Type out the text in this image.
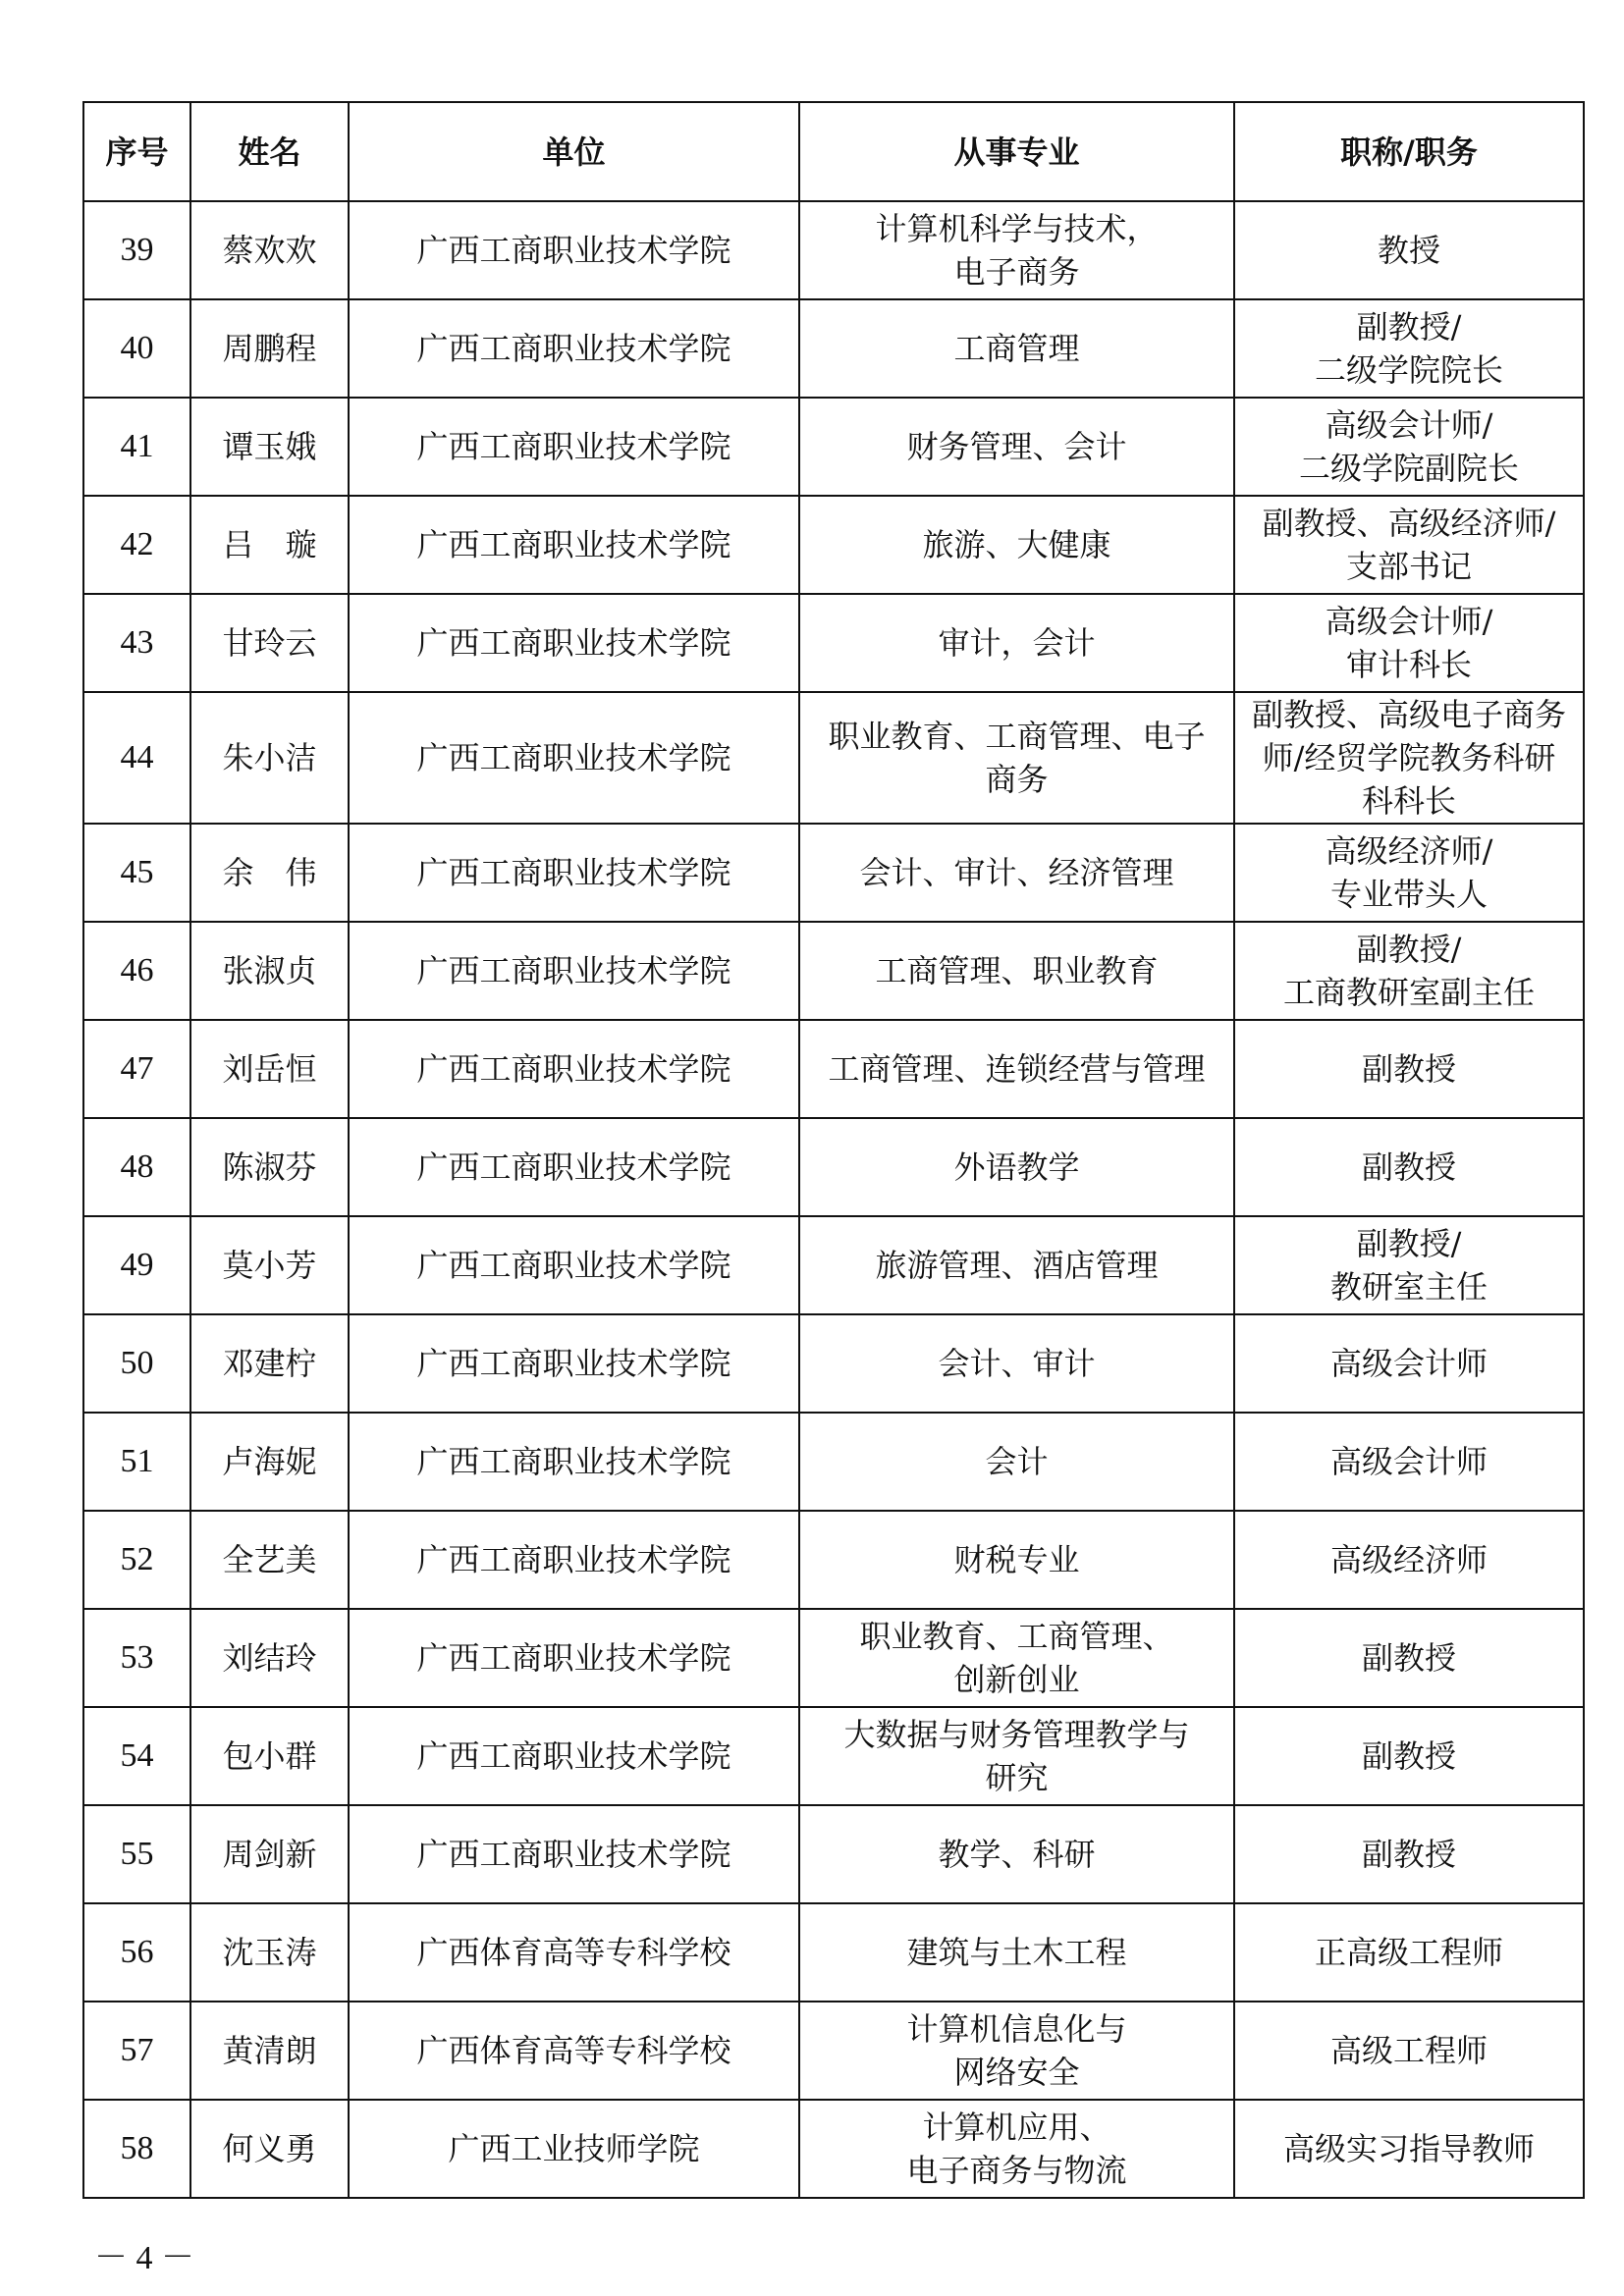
序号	姓名	单位	从事专业	职称/职务
39	蔡欢欢	广西工商职业技术学院	计算机科学与技术，
电子商务	教授
40	周鹏程	广西工商职业技术学院	工商管理	副教授/
二级学院院长
41	谭玉娥	广西工商职业技术学院	财务管理、会计	高级会计师/
二级学院副院长
42	吕　璇	广西工商职业技术学院	旅游、大健康	副教授、高级经济师/
支部书记
43	甘玲云	广西工商职业技术学院	审计，会计	高级会计师/
审计科长
44	朱小洁	广西工商职业技术学院	职业教育、工商管理、电子
商务	副教授、高级电子商务
师/经贸学院教务科研
科科长
45	余　伟	广西工商职业技术学院	会计、审计、经济管理	高级经济师/
专业带头人
46	张淑贞	广西工商职业技术学院	工商管理、职业教育	副教授/
工商教研室副主任
47	刘岳恒	广西工商职业技术学院	工商管理、连锁经营与管理	副教授
48	陈淑芬	广西工商职业技术学院	外语教学	副教授
49	莫小芳	广西工商职业技术学院	旅游管理、酒店管理	副教授/
教研室主任
50	邓建柠	广西工商职业技术学院	会计、审计	高级会计师
51	卢海妮	广西工商职业技术学院	会计	高级会计师
52	全艺美	广西工商职业技术学院	财税专业	高级经济师
53	刘结玲	广西工商职业技术学院	职业教育、工商管理、
创新创业	副教授
54	包小群	广西工商职业技术学院	大数据与财务管理教学与
研究	副教授
55	周剑新	广西工商职业技术学院	教学、科研	副教授
56	沈玉涛	广西体育高等专科学校	建筑与土木工程	正高级工程师
57	黄清朗	广西体育高等专科学校	计算机信息化与
网络安全	高级工程师
58	何义勇	广西工业技师学院	计算机应用、
电子商务与物流	高级实习指导教师
－ 4 －
